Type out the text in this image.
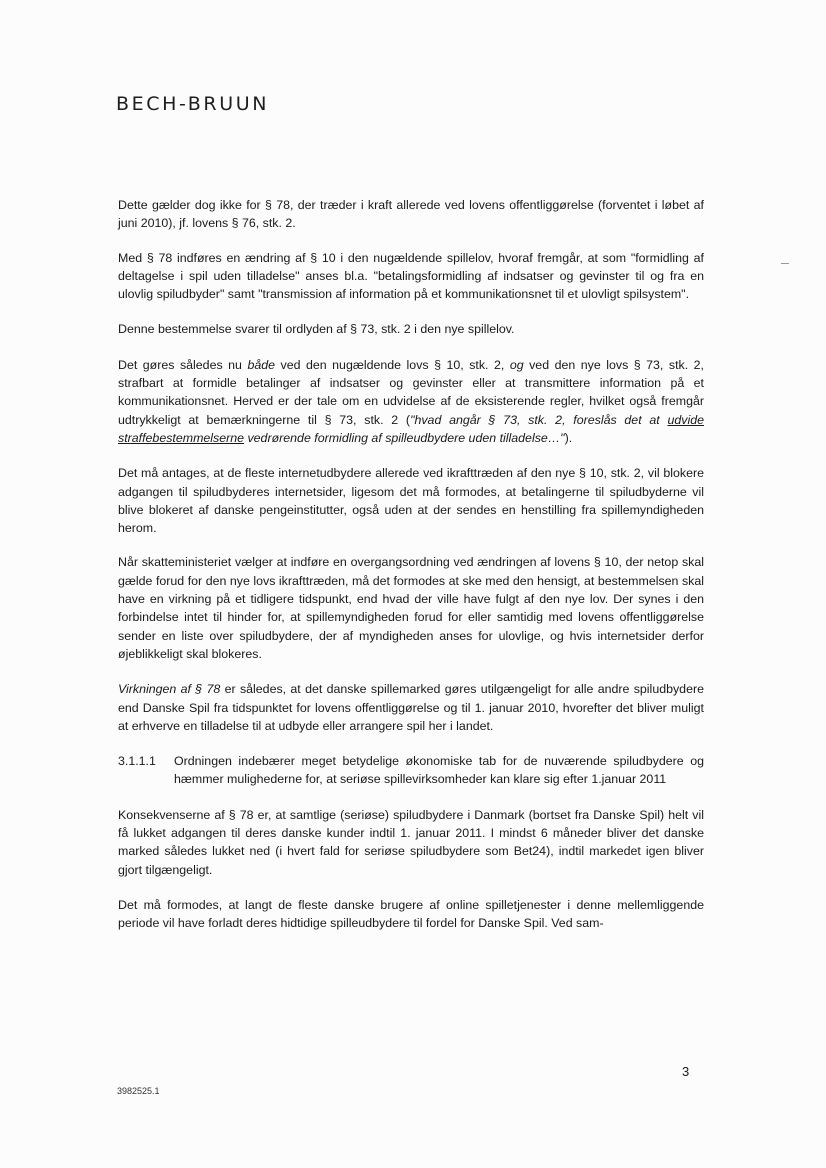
BECH-BRUUN

Dette gælder dog ikke for § 78, der træder i kraft allerede ved lovens offentliggørelse (forventet i løbet af juni 2010), jf. lovens § 76, stk. 2.

Med § 78 indføres en ændring af § 10 i den nugældende spillelov, hvoraf fremgår, at som "formidling af deltagelse i spil uden tilladelse" anses bl.a. "betalingsformidling af indsatser og gevinster til og fra en ulovlig spiludbyder" samt "transmission af information på et kommunikationsnet til et ulovligt spilsystem".

Denne bestemmelse svarer til ordlyden af § 73, stk. 2 i den nye spillelov.

Det gøres således nu både ved den nugældende lovs § 10, stk. 2, og ved den nye lovs § 73, stk. 2, strafbart at formidle betalinger af indsatser og gevinster eller at transmittere information på et kommunikationsnet. Herved er der tale om en udvidelse af de eksisterende regler, hvilket også fremgår udtrykkeligt at bemærkningerne til § 73, stk. 2 ("hvad angår § 73, stk. 2, foreslås det at udvide straffebestemmelserne vedrørende formidling af spilleudbydere uden tilladelse…").

Det må antages, at de fleste internetudbydere allerede ved ikrafttræden af den nye § 10, stk. 2, vil blokere adgangen til spiludbyderes internetsider, ligesom det må formodes, at betalingerne til spiludbyderne vil blive blokeret af danske pengeinstitutter, også uden at der sendes en henstilling fra spillemyndigheden herom.

Når skatteministeriet vælger at indføre en overgangsordning ved ændringen af lovens § 10, der netop skal gælde forud for den nye lovs ikrafttræden, må det formodes at ske med den hensigt, at bestemmelsen skal have en virkning på et tidligere tidspunkt, end hvad der ville have fulgt af den nye lov. Der synes i den forbindelse intet til hinder for, at spillemyndigheden forud for eller samtidig med lovens offentliggørelse sender en liste over spiludbydere, der af myndigheden anses for ulovlige, og hvis internetsider derfor øjeblikkeligt skal blokeres.

Virkningen af § 78 er således, at det danske spillemarked gøres utilgængeligt for alle andre spiludbydere end Danske Spil fra tidspunktet for lovens offentliggørelse og til 1. januar 2010, hvorefter det bliver muligt at erhverve en tilladelse til at udbyde eller arrangere spil her i landet.

3.1.1.1	Ordningen indebærer meget betydelige økonomiske tab for de nuværende spiludbydere og hæmmer mulighederne for, at seriøse spillevirksomheder kan klare sig efter 1.januar 2011

Konsekvenserne af § 78 er, at samtlige (seriøse) spiludbydere i Danmark (bortset fra Danske Spil) helt vil få lukket adgangen til deres danske kunder indtil 1. januar 2011. I mindst 6 måneder bliver det danske marked således lukket ned (i hvert fald for seriøse spiludbydere som Bet24), indtil markedet igen bliver gjort tilgængeligt.

Det må formodes, at langt de fleste danske brugere af online spilletjenester i denne mellemliggende periode vil have forladt deres hidtidige spilleudbydere til fordel for Danske Spil. Ved sam-

3
3982525.1
